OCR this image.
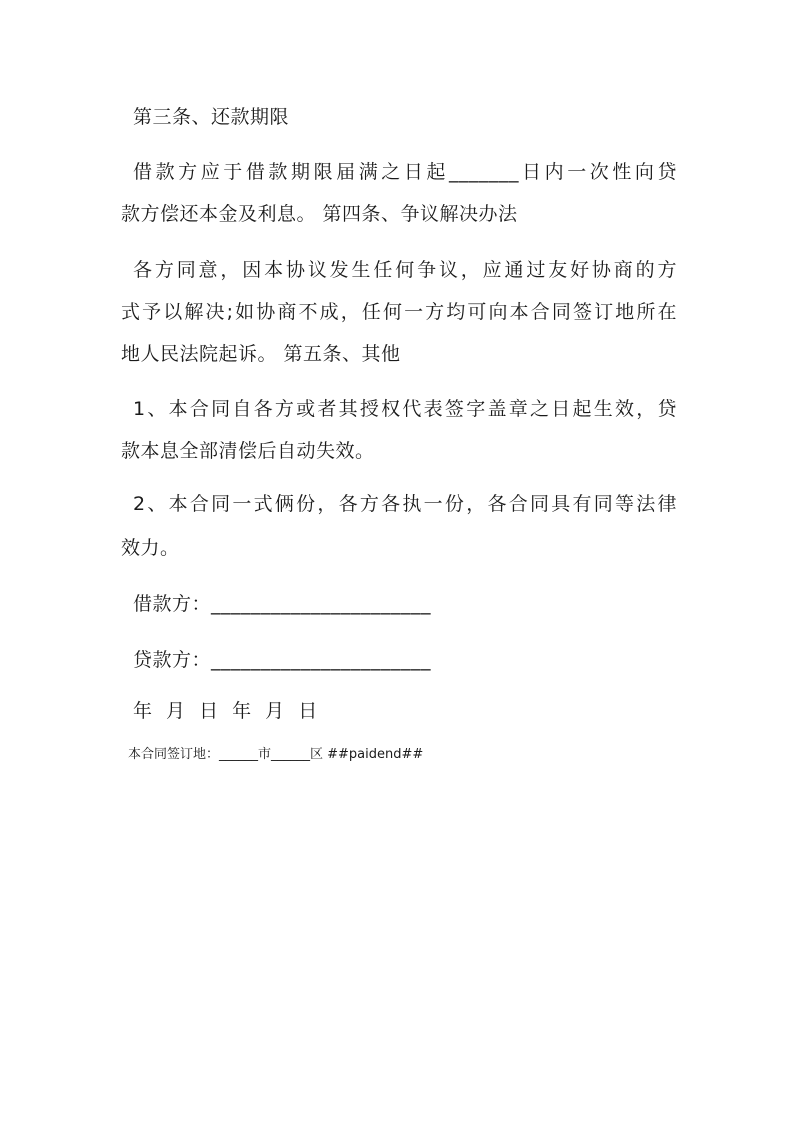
第三条、还款期限
借款方应于借款期限届满之日起_______日内一次性向贷
款方偿还本金及利息。 第四条、争议解决办法
各方同意，因本协议发生任何争议，应通过友好协商的方
式予以解决;如协商不成，任何一方均可向本合同签订地所在
地人民法院起诉。 第五条、其他
1、本合同自各方或者其授权代表签字盖章之日起生效，贷
款本息全部清偿后自动失效。
2、本合同一式俩份，各方各执一份，各合同具有同等法律
效力。
借款方：______________________
贷款方：______________________
年 月 日 年 月 日
本合同签订地：______市______区 ##paidend##
